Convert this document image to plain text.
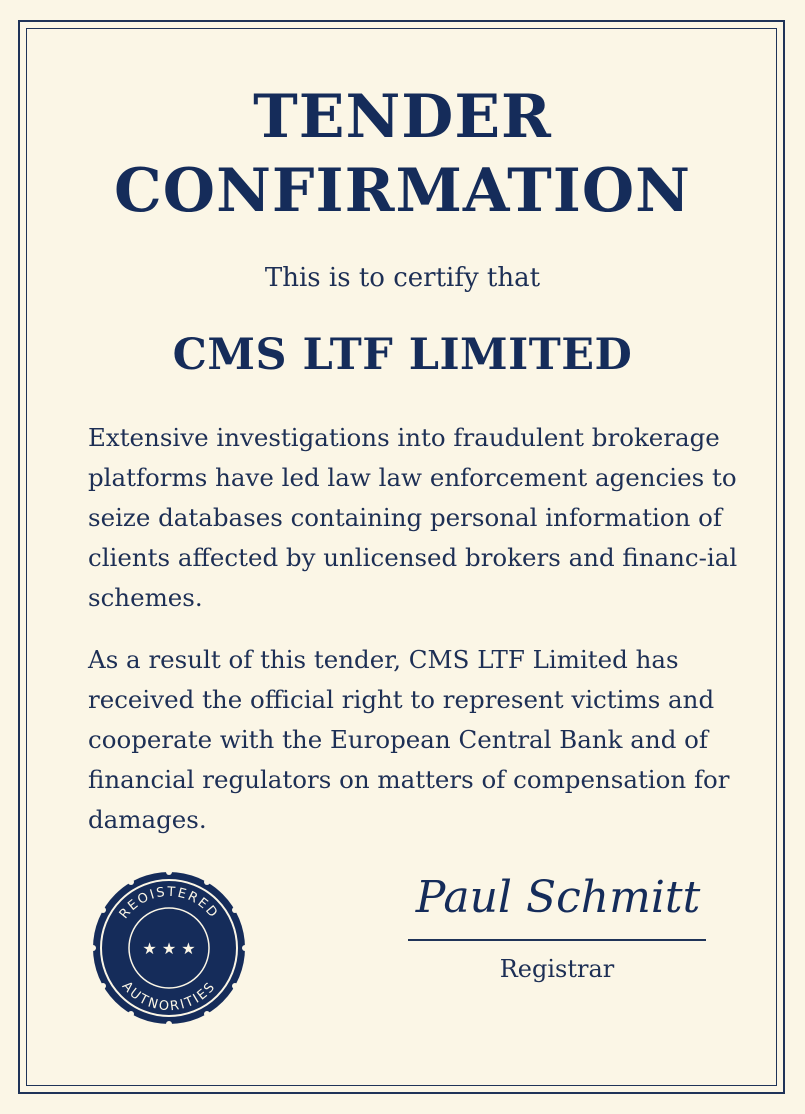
TENDER
CONFIRMATION
This is to certify that
CMS LTF LIMITED
Extensive investigations into fraudulent brokerage platforms have led law law enforcement agencies to seize databases containing personal information of clients affected by unlicensed brokers and financ-ial schemes.
As a result of this tender, CMS LTF Limited has received the official right to represent victims and cooperate with the European Central Bank and of financial regulators on matters of compensation for damages.
REOISTERED
AUTNORITIES
★ ★ ★
Paul Schmitt
Registrar
